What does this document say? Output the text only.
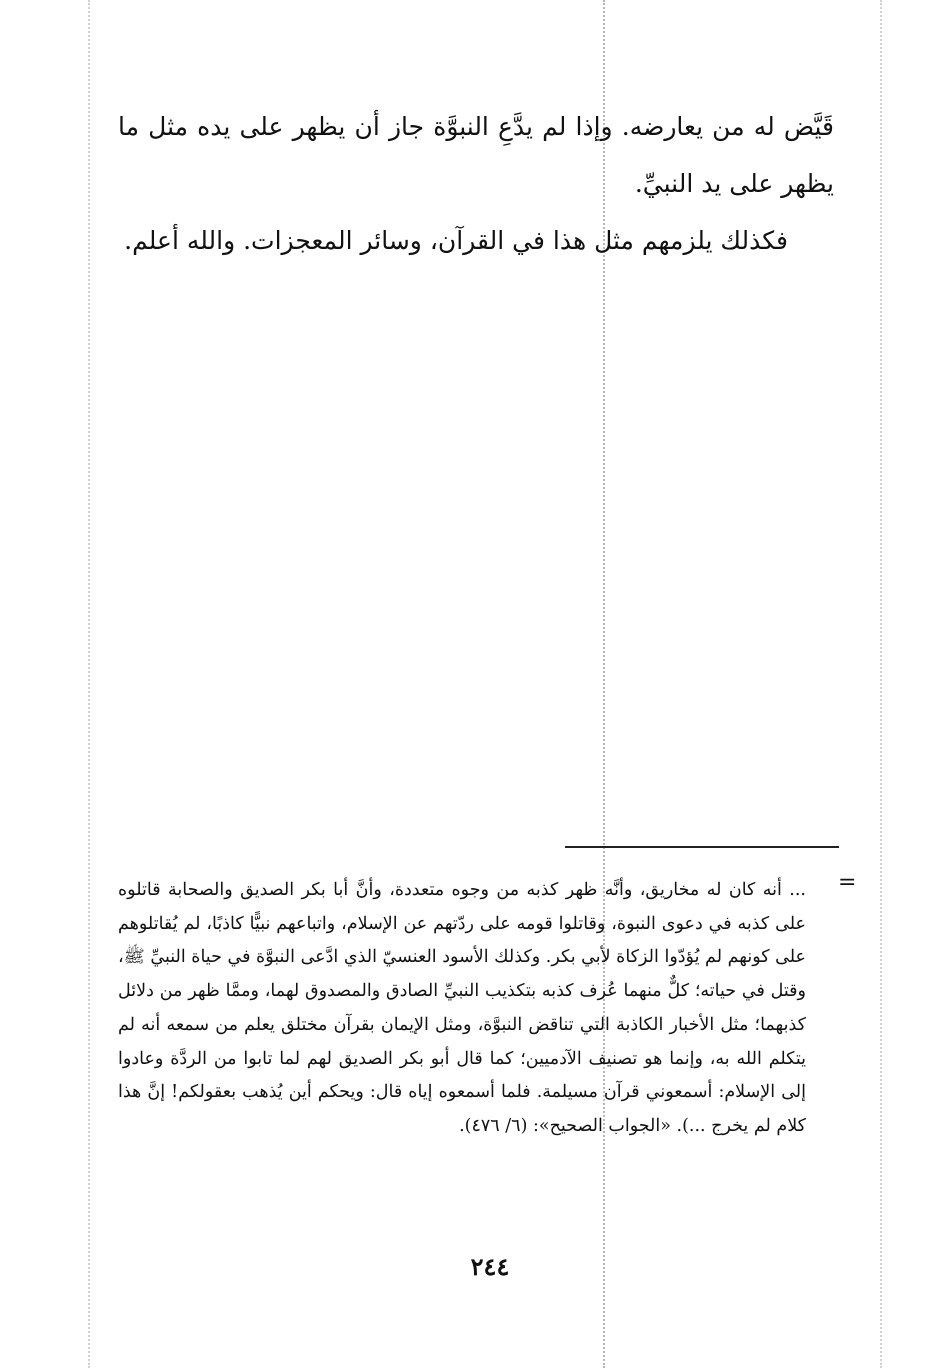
قَيَّض له من يعارضه. وإذا لم يدَّعِ النبوَّة جاز أن يظهر على يده مثل ما يظهر على يد النبيِّ.

فكذلك يلزمهم مثل هذا في القرآن، وسائر المعجزات. والله أعلم.

=

... أنه كان له مخاريق، وأنَّه ظهر كذبه من وجوه متعددة، وأنَّ أبا بكر الصديق والصحابة قاتلوه على كذبه في دعوى النبوة، وقاتلوا قومه على ردّتهم عن الإسلام، واتباعهم نبيًّا كاذبًا، لم يُقاتلوهم على كونهم لم يُؤدّوا الزكاة لأبي بكر. وكذلك الأسود العنسيّ الذي ادَّعى النبوَّة في حياة النبيِّ ﷺ، وقتل في حياته؛ كلٌّ منهما عُرف كذبه بتكذيب النبيِّ الصادق والمصدوق لهما، وممَّا ظهر من دلائل كذبهما؛ مثل الأخبار الكاذبة التي تناقض النبوَّة، ومثل الإيمان بقرآن مختلق يعلم من سمعه أنه لم يتكلم الله به، وإنما هو تصنيف الآدميين؛ كما قال أبو بكر الصديق لهم لما تابوا من الردَّة وعادوا إلى الإسلام: أسمعوني قرآن مسيلمة. فلما أسمعوه إياه قال: ويحكم أين يُذهب بعقولكم! إنَّ هذا كلام لم يخرج ...). «الجواب الصحيح»: (٦/ ٤٧٦).

٢٤٤
